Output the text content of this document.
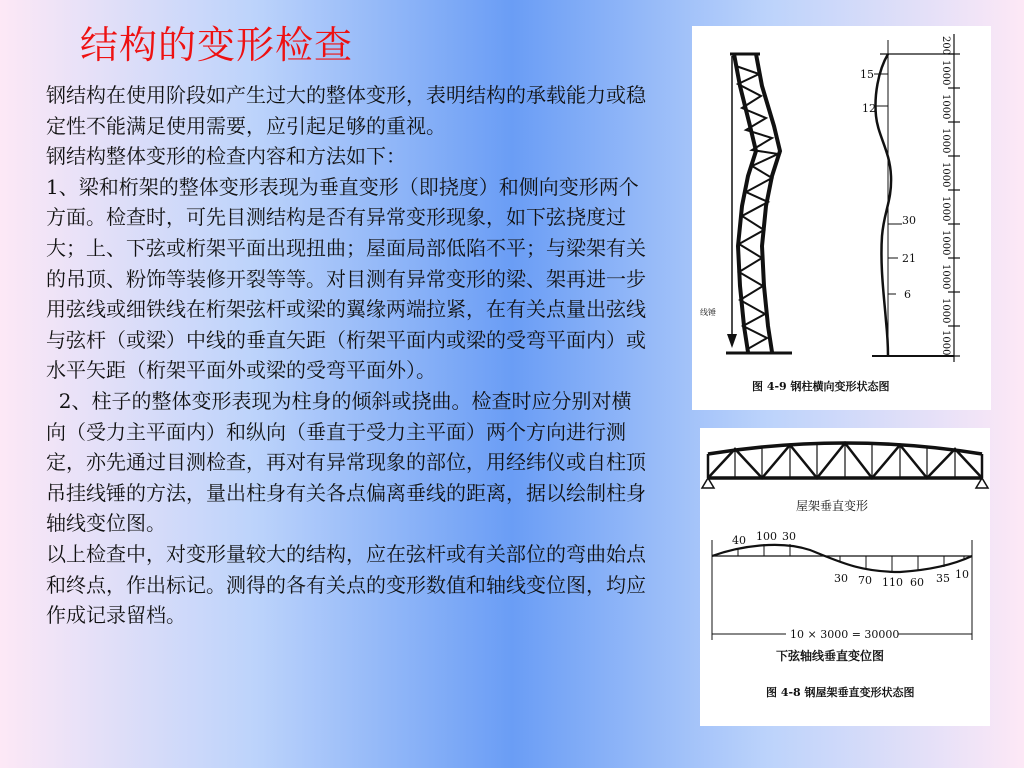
结构的变形检查

钢结构在使用阶段如产生过大的整体变形，表明结构的承载能力或稳定性不能满足使用需要，应引起足够的重视。

钢结构整体变形的检查内容和方法如下：

1、梁和桁架的整体变形表现为垂直变形（即挠度）和侧向变形两个方面。检查时，可先目测结构是否有异常变形现象，如下弦挠度过大；上、下弦或桁架平面出现扭曲；屋面局部低陷不平；与梁架有关的吊顶、粉饰等装修开裂等等。对目测有异常变形的梁、架再进一步用弦线或细铁线在桁架弦杆或梁的翼缘两端拉紧，在有关点量出弦线与弦杆（或梁）中线的垂直矢距（桁架平面内或梁的受弯平面内）或水平矢距（桁架平面外或梁的受弯平面外）。

2、柱子的整体变形表现为柱身的倾斜或挠曲。检查时应分别对横向（受力主平面内）和纵向（垂直于受力主平面）两个方向进行测定，亦先通过目测检查，再对有异常现象的部位，用经纬仪或自柱顶吊挂线锤的方法，量出柱身有关各点偏离垂线的距离，据以绘制柱身轴线变位图。

以上检查中，对变形量较大的结构，应在弦杆或有关部位的弯曲始点和终点，作出标记。测得的各有关点的变形数值和轴线变位图，均应作成记录留档。

线锤
15
12
30
21
6
200
1000
1000
1000
1000
1000
1000
1000
1000
1000
图 4-9 钢柱横向变形状态图
屋架垂直变形
40 100 30
30 70 110 60 35 10
10 × 3000 = 30000
下弦轴线垂直变位图
图 4-8 钢屋架垂直变形状态图
